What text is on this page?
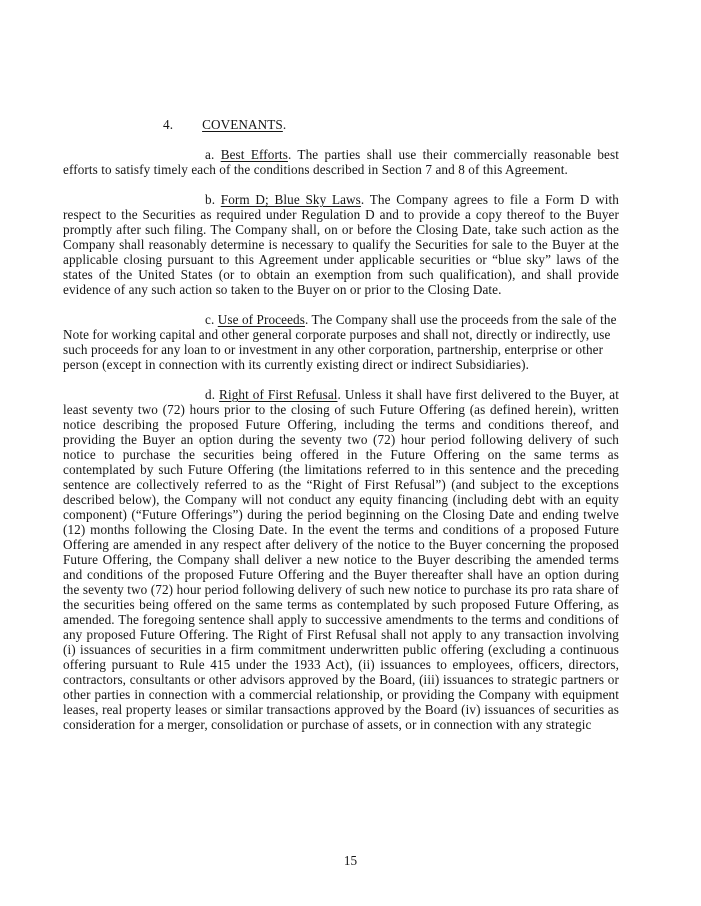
4. COVENANTS.

a. Best Efforts. The parties shall use their commercially reasonable best efforts to satisfy timely each of the conditions described in Section 7 and 8 of this Agreement.

b. Form D; Blue Sky Laws. The Company agrees to file a Form D with respect to the Securities as required under Regulation D and to provide a copy thereof to the Buyer promptly after such filing. The Company shall, on or before the Closing Date, take such action as the Company shall reasonably determine is necessary to qualify the Securities for sale to the Buyer at the applicable closing pursuant to this Agreement under applicable securities or “blue sky” laws of the states of the United States (or to obtain an exemption from such qualification), and shall provide evidence of any such action so taken to the Buyer on or prior to the Closing Date.

c. Use of Proceeds. The Company shall use the proceeds from the sale of the Note for working capital and other general corporate purposes and shall not, directly or indirectly, use such proceeds for any loan to or investment in any other corporation, partnership, enterprise or other person (except in connection with its currently existing direct or indirect Subsidiaries).

d. Right of First Refusal. Unless it shall have first delivered to the Buyer, at least seventy two (72) hours prior to the closing of such Future Offering (as defined herein), written notice describing the proposed Future Offering, including the terms and conditions thereof, and providing the Buyer an option during the seventy two (72) hour period following delivery of such notice to purchase the securities being offered in the Future Offering on the same terms as contemplated by such Future Offering (the limitations referred to in this sentence and the preceding sentence are collectively referred to as the “Right of First Refusal”) (and subject to the exceptions described below), the Company will not conduct any equity financing (including debt with an equity component) (“Future Offerings”) during the period beginning on the Closing Date and ending twelve (12) months following the Closing Date. In the event the terms and conditions of a proposed Future Offering are amended in any respect after delivery of the notice to the Buyer concerning the proposed Future Offering, the Company shall deliver a new notice to the Buyer describing the amended terms and conditions of the proposed Future Offering and the Buyer thereafter shall have an option during the seventy two (72) hour period following delivery of such new notice to purchase its pro rata share of the securities being offered on the same terms as contemplated by such proposed Future Offering, as amended. The foregoing sentence shall apply to successive amendments to the terms and conditions of any proposed Future Offering. The Right of First Refusal shall not apply to any transaction involving (i) issuances of securities in a firm commitment underwritten public offering (excluding a continuous offering pursuant to Rule 415 under the 1933 Act), (ii) issuances to employees, officers, directors, contractors, consultants or other advisors approved by the Board, (iii) issuances to strategic partners or other parties in connection with a commercial relationship, or providing the Company with equipment leases, real property leases or similar transactions approved by the Board (iv) issuances of securities as consideration for a merger, consolidation or purchase of assets, or in connection with any strategic

15
